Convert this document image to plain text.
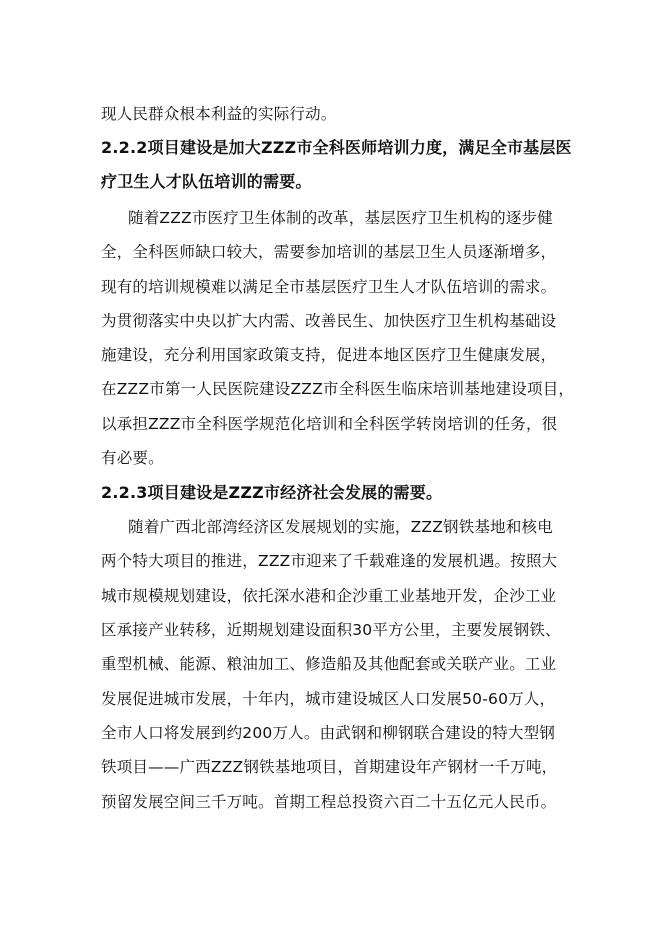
现人民群众根本利益的实际行动。
2.2.2项目建设是加大ZZZ市全科医师培训力度，满足全市基层医
疗卫生人才队伍培训的需要。
随着ZZZ市医疗卫生体制的改革，基层医疗卫生机构的逐步健
全，全科医师缺口较大，需要参加培训的基层卫生人员逐渐增多，
现有的培训规模难以满足全市基层医疗卫生人才队伍培训的需求。
为贯彻落实中央以扩大内需、改善民生、加快医疗卫生机构基础设
施建设，充分利用国家政策支持，促进本地区医疗卫生健康发展，
在ZZZ市第一人民医院建设ZZZ市全科医生临床培训基地建设项目，
以承担ZZZ市全科医学规范化培训和全科医学转岗培训的任务，很
有必要。
2.2.3项目建设是ZZZ市经济社会发展的需要。
随着广西北部湾经济区发展规划的实施，ZZZ钢铁基地和核电
两个特大项目的推进，ZZZ市迎来了千载难逢的发展机遇。按照大
城市规模规划建设，依托深水港和企沙重工业基地开发，企沙工业
区承接产业转移，近期规划建设面积30平方公里，主要发展钢铁、
重型机械、能源、粮油加工、修造船及其他配套或关联产业。工业
发展促进城市发展，十年内，城市建设城区人口发展50-60万人，
全市人口将发展到约200万人。由武钢和柳钢联合建设的特大型钢
铁项目——广西ZZZ钢铁基地项目，首期建设年产钢材一千万吨，
预留发展空间三千万吨。首期工程总投资六百二十五亿元人民币。
